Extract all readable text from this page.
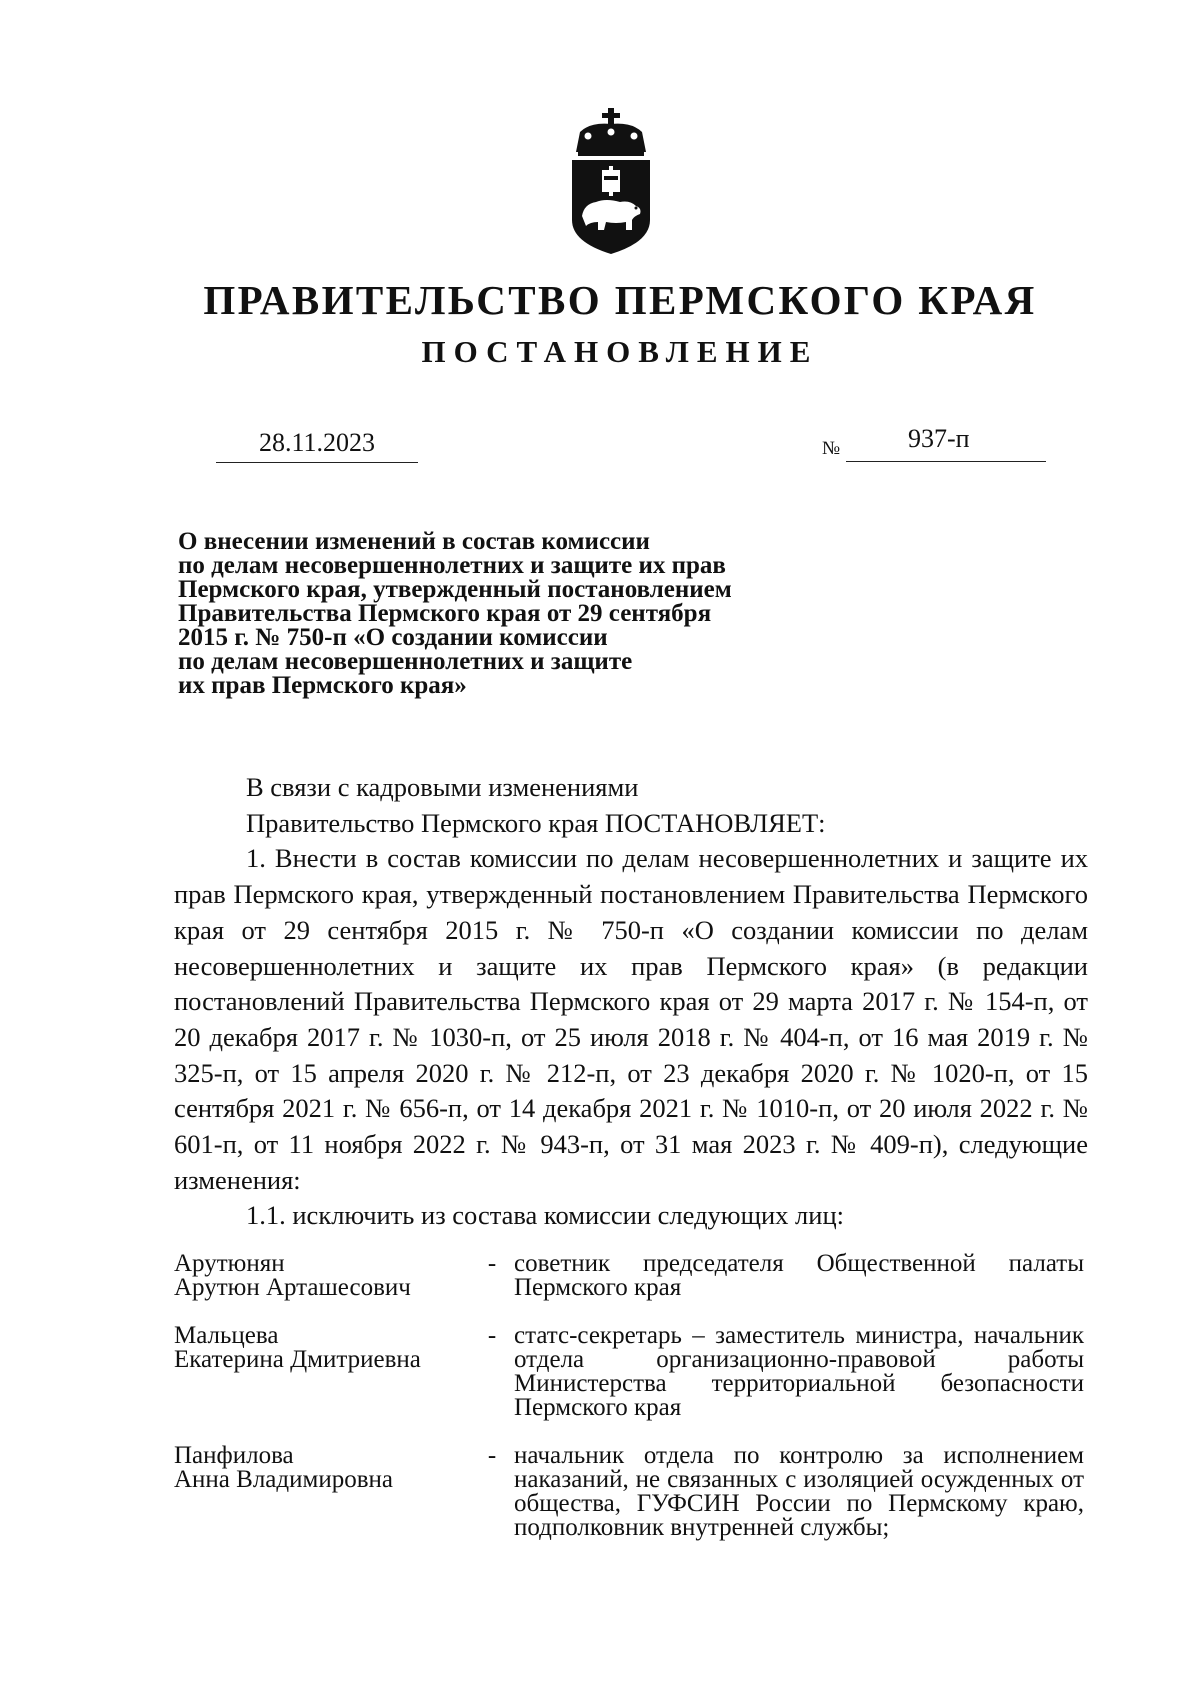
ПРАВИТЕЛЬСТВО ПЕРМСКОГО КРАЯ
ПОСТАНОВЛЕНИЕ
28.11.2023	№	937-п
О внесении изменений в состав комиссии
по делам несовершеннолетних и защите их прав
Пермского края, утвержденный постановлением
Правительства Пермского края от 29 сентября
2015 г. № 750-п «О создании комиссии
по делам несовершеннолетних и защите
их прав Пермского края»

В связи с кадровыми изменениями

Правительство Пермского края ПОСТАНОВЛЯЕТ:

1. Внести в состав комиссии по делам несовершеннолетних и защите их прав Пермского края, утвержденный постановлением Правительства Пермского края от 29 сентября 2015 г. № 750-п «О создании комиссии по делам несовершеннолетних и защите их прав Пермского края» (в редакции постановлений Правительства Пермского края от 29 марта 2017 г. № 154-п, от 20 декабря 2017 г. № 1030-п, от 25 июля 2018 г. № 404-п, от 16 мая 2019 г. № 325-п, от 15 апреля 2020 г. № 212-п, от 23 декабря 2020 г. № 1020-п, от 15 сентября 2021 г. № 656-п, от 14 декабря 2021 г. № 1010-п, от 20 июля 2022 г. № 601-п, от 11 ноября 2022 г. № 943-п, от 31 мая 2023 г. № 409-п), следующие изменения:

1.1. исключить из состава комиссии следующих лиц:

Арутюнян
Арутюн Арташесович
- советник председателя Общественной палаты Пермского края
Мальцева
Екатерина Дмитриевна
- статс-секретарь – заместитель министра, начальник отдела организационно-правовой работы Министерства территориальной безопасности Пермского края
Панфилова
Анна Владимировна
- начальник отдела по контролю за исполнением наказаний, не связанных с изоляцией осужденных от общества, ГУФСИН России по Пермскому краю, подполковник внутренней службы;
